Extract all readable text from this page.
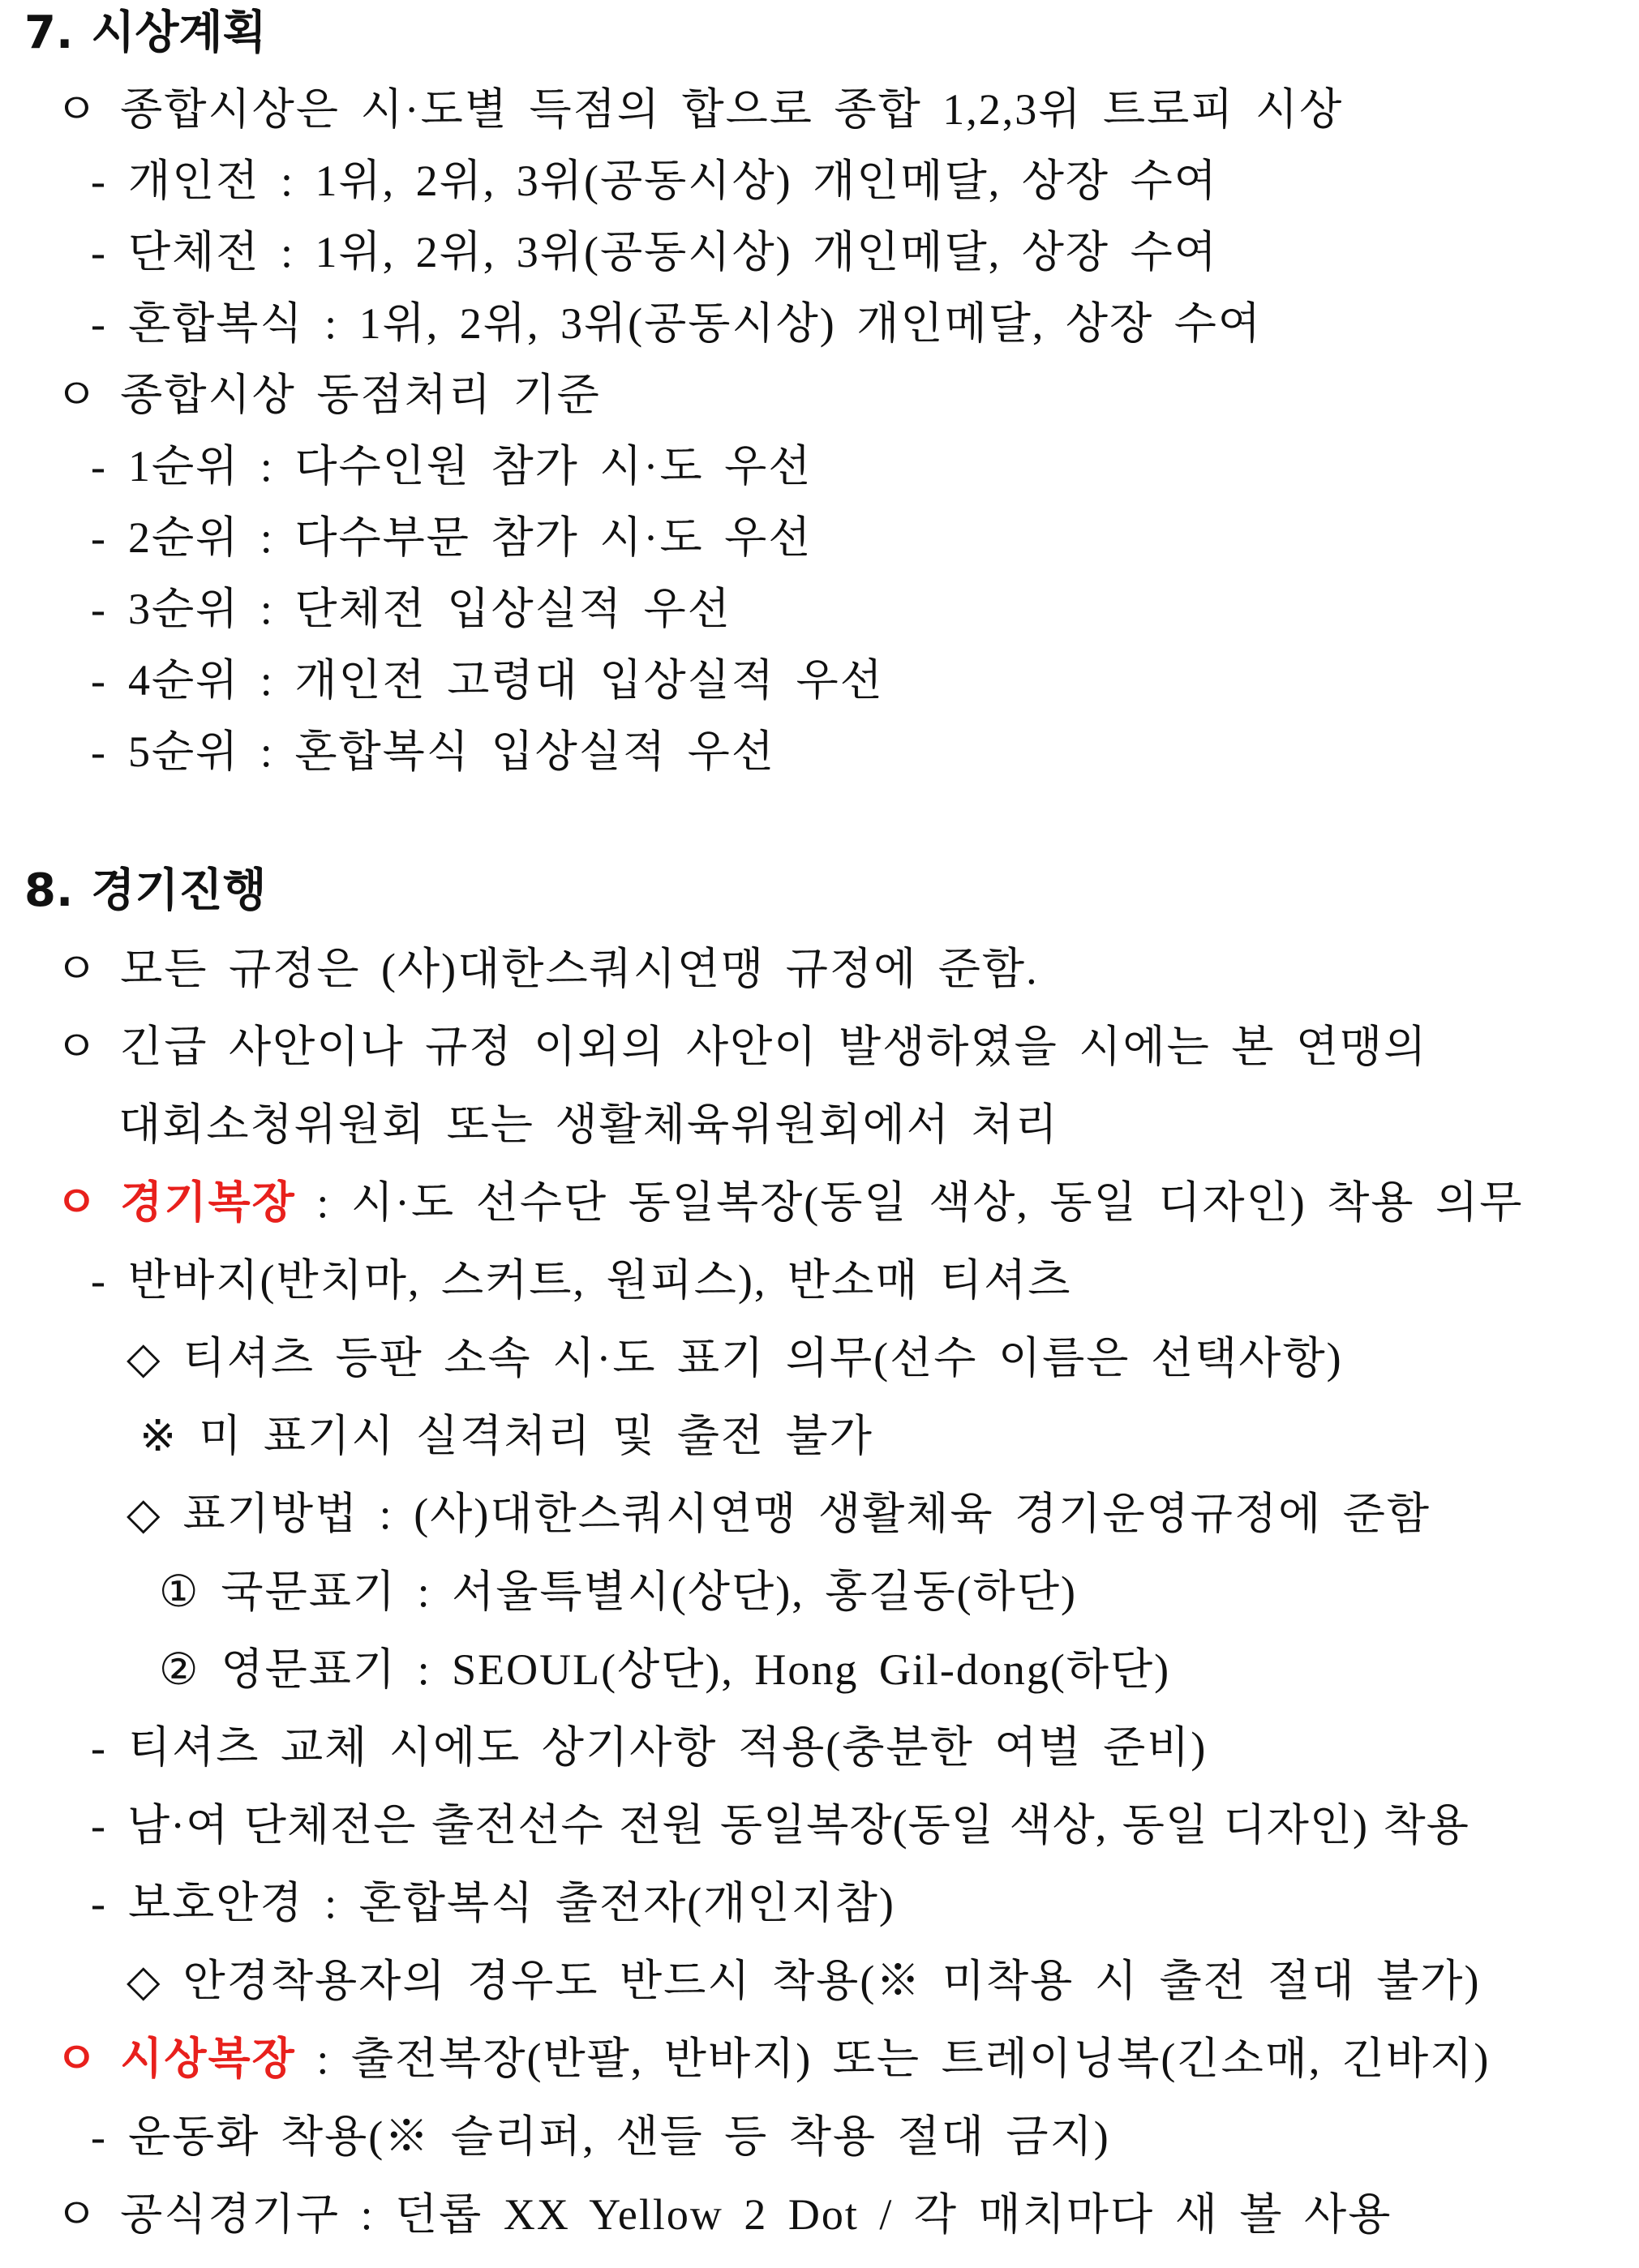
7. 시상계획
ㅇ 종합시상은 시·도별 득점의 합으로 종합 1,2,3위 트로피 시상
- 개인전 : 1위, 2위, 3위(공동시상) 개인메달, 상장 수여
- 단체전 : 1위, 2위, 3위(공동시상) 개인메달, 상장 수여
- 혼합복식 : 1위, 2위, 3위(공동시상) 개인메달, 상장 수여
ㅇ 종합시상 동점처리 기준
- 1순위 : 다수인원 참가 시·도 우선
- 2순위 : 다수부문 참가 시·도 우선
- 3순위 : 단체전 입상실적 우선
- 4순위 : 개인전 고령대 입상실적 우선
- 5순위 : 혼합복식 입상실적 우선
8. 경기진행
ㅇ 모든 규정은 (사)대한스쿼시연맹 규정에 준함.
ㅇ 긴급 사안이나 규정 이외의 사안이 발생하였을 시에는 본 연맹의
대회소청위원회 또는 생활체육위원회에서 처리
ㅇ 경기복장 : 시·도 선수단 동일복장(동일 색상, 동일 디자인) 착용 의무
- 반바지(반치마, 스커트, 원피스), 반소매 티셔츠
◇ 티셔츠 등판 소속 시·도 표기 의무(선수 이름은 선택사항)
※ 미 표기시 실격처리 및 출전 불가
◇ 표기방법 : (사)대한스쿼시연맹 생활체육 경기운영규정에 준함
① 국문표기 : 서울특별시(상단), 홍길동(하단)
② 영문표기 : SEOUL(상단), Hong Gil-dong(하단)
- 티셔츠 교체 시에도 상기사항 적용(충분한 여벌 준비)
- 남·여 단체전은 출전선수 전원 동일복장(동일 색상, 동일 디자인) 착용
- 보호안경 : 혼합복식 출전자(개인지참)
◇ 안경착용자의 경우도 반드시 착용(※ 미착용 시 출전 절대 불가)
ㅇ 시상복장 : 출전복장(반팔, 반바지) 또는 트레이닝복(긴소매, 긴바지)
- 운동화 착용(※ 슬리퍼, 샌들 등 착용 절대 금지)
ㅇ 공식경기구 : 던롭 XX Yellow 2 Dot / 각 매치마다 새 볼 사용
